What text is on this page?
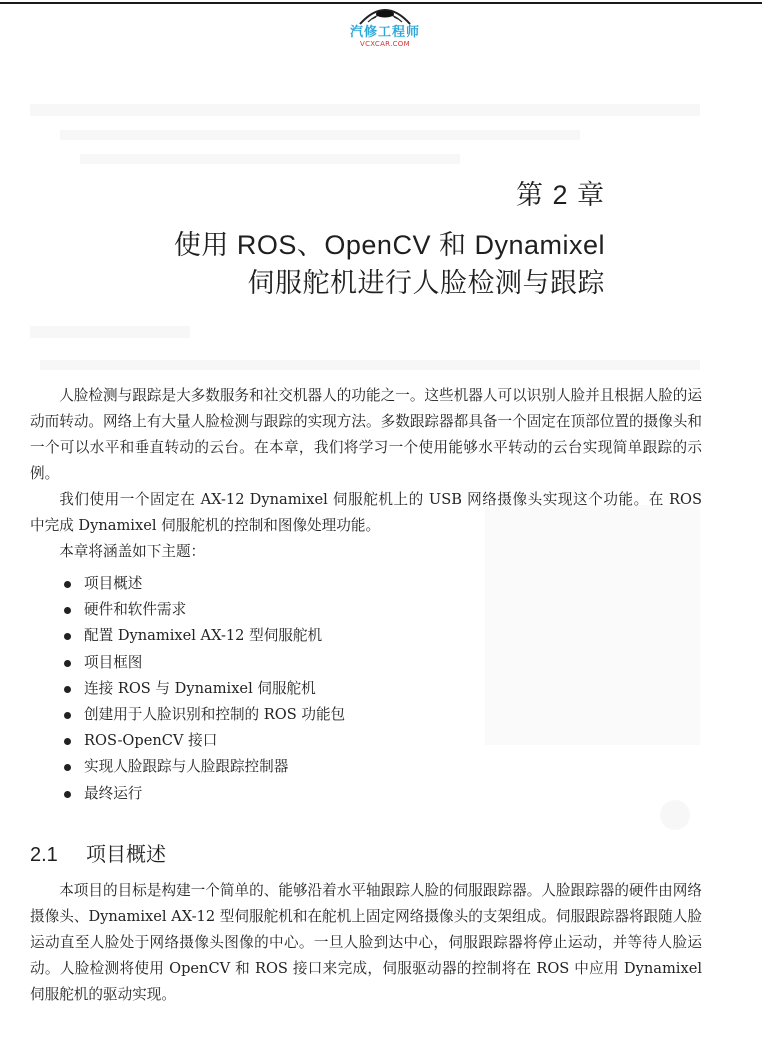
汽修工程师
VCXCAR.COM
第 2 章
使用 ROS、OpenCV 和 Dynamixel
伺服舵机进行人脸检测与跟踪

人脸检测与跟踪是大多数服务和社交机器人的功能之一。这些机器人可以识别人脸并且根据人脸的运动而转动。网络上有大量人脸检测与跟踪的实现方法。多数跟踪器都具备一个固定在顶部位置的摄像头和一个可以水平和垂直转动的云台。在本章，我们将学习一个使用能够水平转动的云台实现简单跟踪的示例。

我们使用一个固定在 AX-12 Dynamixel 伺服舵机上的 USB 网络摄像头实现这个功能。在 ROS 中完成 Dynamixel 伺服舵机的控制和图像处理功能。

本章将涵盖如下主题：

项目概述
硬件和软件需求
配置 Dynamixel AX-12 型伺服舵机
项目框图
连接 ROS 与 Dynamixel 伺服舵机
创建用于人脸识别和控制的 ROS 功能包
ROS-OpenCV 接口
实现人脸跟踪与人脸跟踪控制器
最终运行
2.1 项目概述

本项目的目标是构建一个简单的、能够沿着水平轴跟踪人脸的伺服跟踪器。人脸跟踪器的硬件由网络摄像头、Dynamixel AX-12 型伺服舵机和在舵机上固定网络摄像头的支架组成。伺服跟踪器将跟随人脸运动直至人脸处于网络摄像头图像的中心。一旦人脸到达中心，伺服跟踪器将停止运动，并等待人脸运动。人脸检测将使用 OpenCV 和 ROS 接口来完成，伺服驱动器的控制将在 ROS 中应用 Dynamixel 伺服舵机的驱动实现。
